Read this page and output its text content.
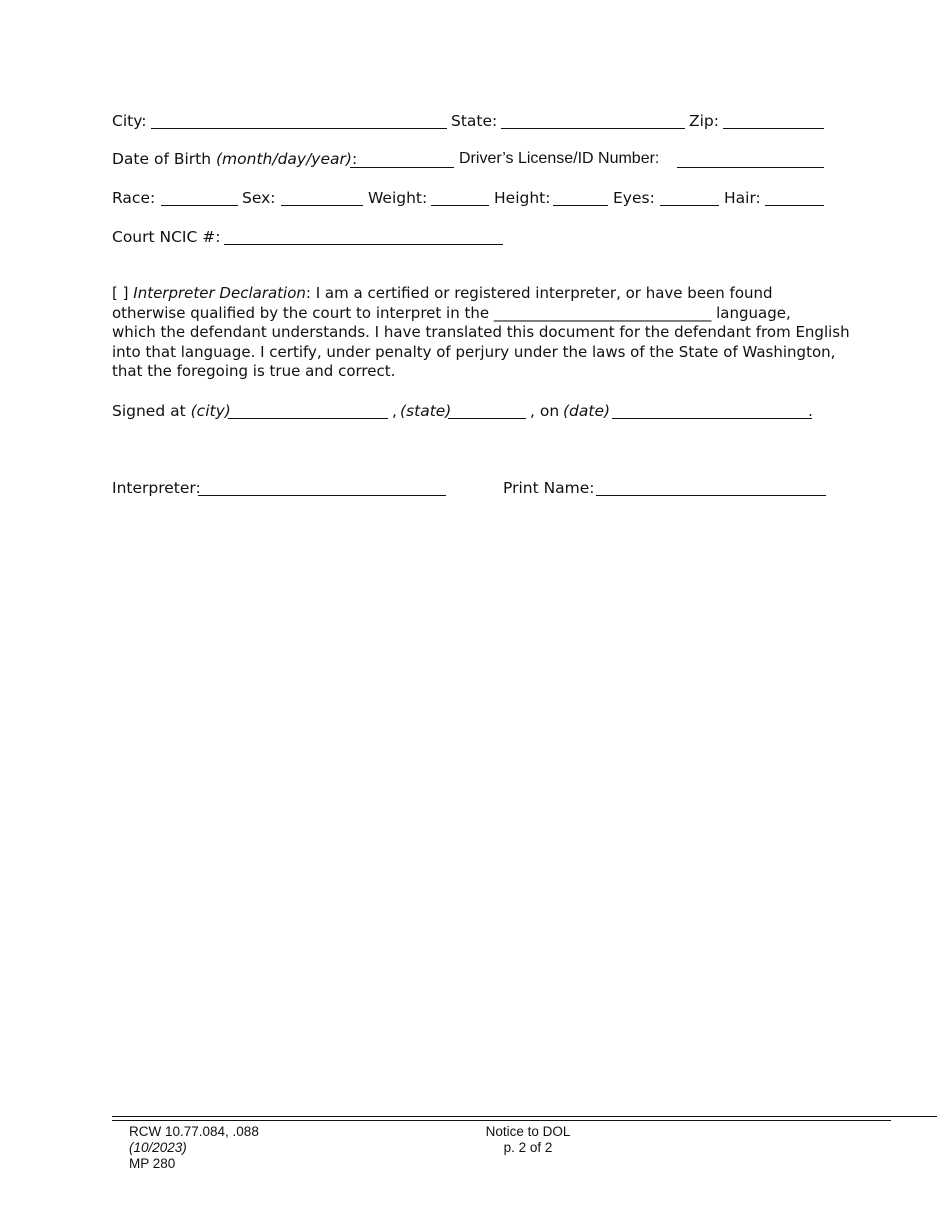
City:	State:	Zip:
Date of Birth (month/day/year):	Driver’s License/ID Number:
Race:	Sex:	Weight:	Height:	Eyes:	Hair:
Court NCIC #:
[ ] Interpreter Declaration: I am a certified or registered interpreter, or have been found
otherwise qualified by the court to interpret in the _____________________________ language,
which the defendant understands. I have translated this document for the defendant from English
into that language. I certify, under penalty of perjury under the laws of the State of Washington,
that the foregoing is true and correct.
Signed at (city)	, (state)	, on (date)	.
Interpreter:	Print Name:
RCW 10.77.084, .088
(10/2023)
MP 280
Notice to DOL
p. 2 of 2
